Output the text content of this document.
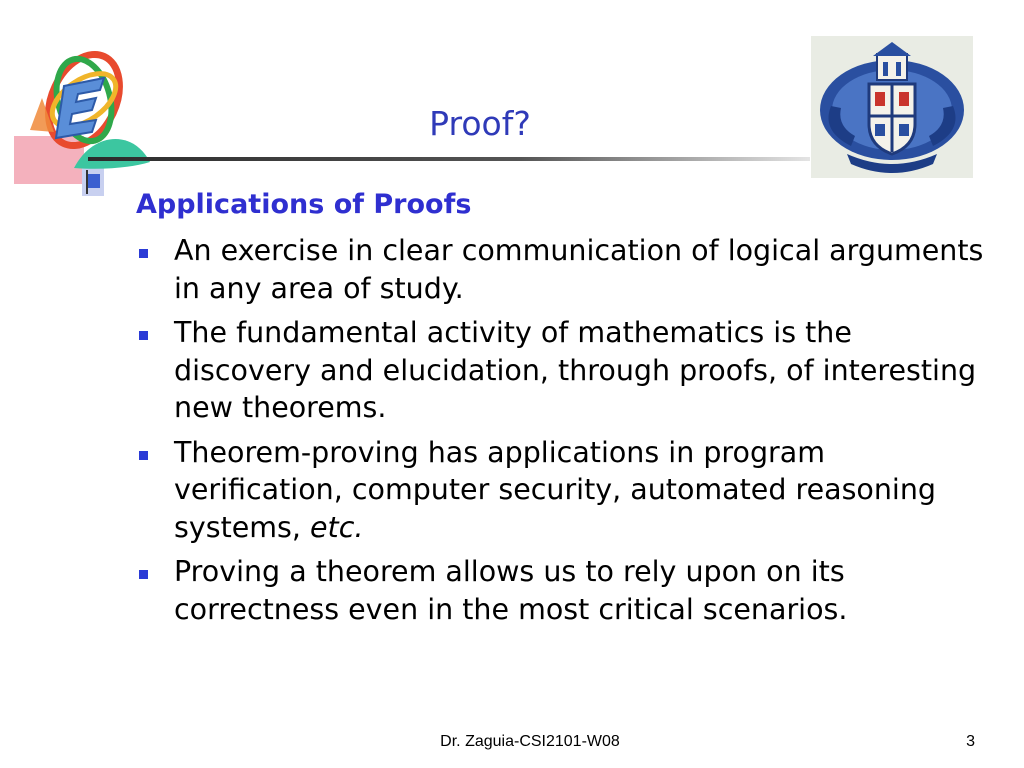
Proof?
Applications of Proofs
An exercise in clear communication of logical arguments in any area of study.
The fundamental activity of mathematics is the discovery and elucidation, through proofs, of interesting new theorems.
Theorem-proving has applications in program verification, computer security, automated reasoning systems, etc.
Proving a theorem allows us to rely upon on its correctness even in the most critical scenarios.
Dr. Zaguia-CSI2101-W08	3
